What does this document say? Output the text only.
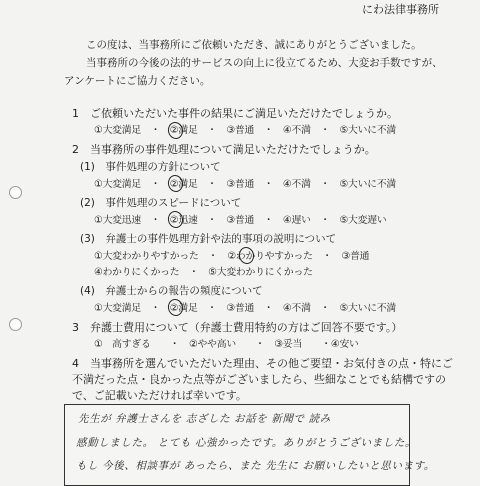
にわ法律事務所
この度は、当事務所にご依頼いただき、誠にありがとうございました。
当事務所の今後の法的サービスの向上に役立てるため、大変お手数ですが、
アンケートにご協力ください。
1　ご依頼いただいた事件の結果にご満足いただけたでしょうか。
①大変満足　・　②満足　・　③普通　・　④不満　・　⑤大いに不満
2　当事務所の事件処理について満足いただけたでしょうか。
(1)　事件処理の方針について
①大変満足　・　②満足　・　③普通　・　④不満　・　⑤大いに不満
(2)　事件処理のスピードについて
①大変迅速　・　②迅速　・　③普通　・　④遅い　・　⑤大変遅い
(3)　弁護士の事件処理方針や法的事項の説明について
①大変わかりやすかった　・　②わかりやすかった　・　③普通
④わかりにくかった　・　⑤大変わかりにくかった
(4)　弁護士からの報告の頻度について
①大変満足　・　②満足　・　③普通　・　④不満　・　⑤大いに不満
3　弁護士費用について（弁護士費用特約の方はご回答不要です。）
①　高すぎる　　・　②やや高い　　・　③妥当　　・④安い
4　当事務所を選んでいただいた理由、その他ご要望・お気付きの点・特にご
不満だった点・良かった点等がございましたら、些細なことでも結構ですの
で、ご記載いただければ幸いです。
先生が 弁護士さんを 志ざした お話を 新聞で 読み
感動しました。 とても 心強かったです。ありがとうございました。
もし 今後、相談事が あったら、また 先生に お願いしたいと思います。
